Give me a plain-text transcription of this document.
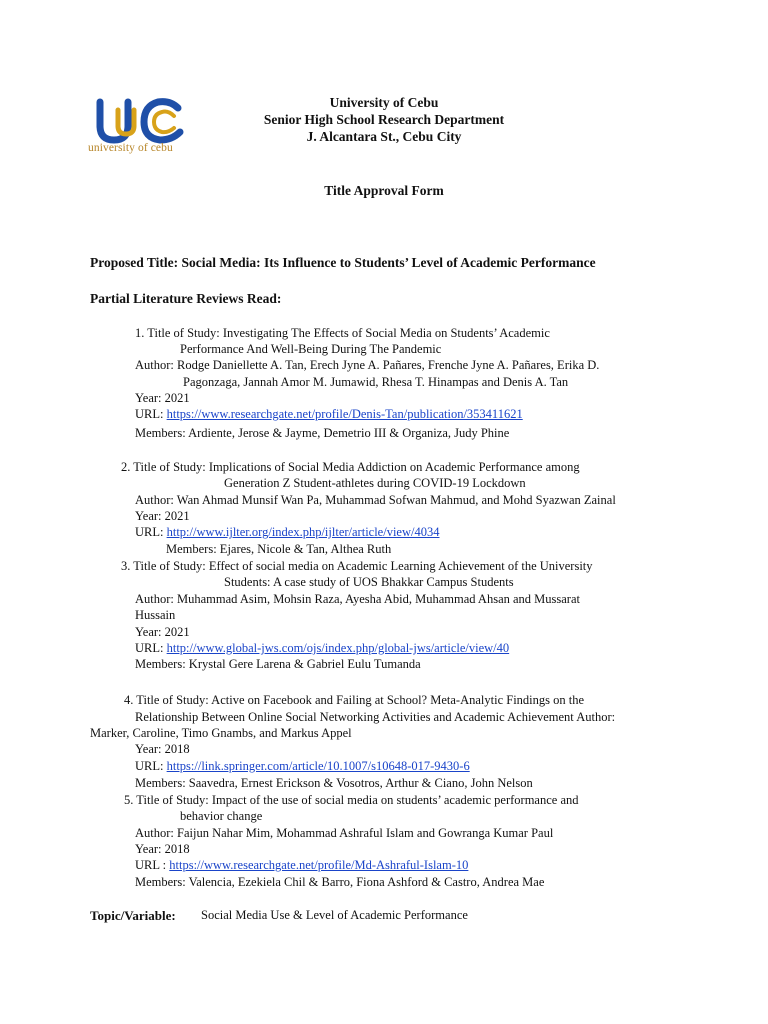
university of cebu
University of Cebu
Senior High School Research Department
J. Alcantara St., Cebu City
Title Approval Form
Proposed Title: Social Media: Its Influence to Students’ Level of Academic Performance
Partial Literature Reviews Read:
1. Title of Study: Investigating The Effects of Social Media on Students’ Academic
Performance And Well-Being During The Pandemic
Author: Rodge Daniellette A. Tan, Erech Jyne A. Pañares, Frenche Jyne A. Pañares, Erika D.
Pagonzaga, Jannah Amor M. Jumawid, Rhesa T. Hinampas and Denis A. Tan
Year: 2021
URL: https://www.researchgate.net/profile/Denis-Tan/publication/353411621
Members: Ardiente, Jerose & Jayme, Demetrio III & Organiza, Judy Phine
2. Title of Study: Implications of Social Media Addiction on Academic Performance among
Generation Z Student-athletes during COVID-19 Lockdown
Author: Wan Ahmad Munsif Wan Pa, Muhammad Sofwan Mahmud, and Mohd Syazwan Zainal
Year: 2021
URL: http://www.ijlter.org/index.php/ijlter/article/view/4034
Members: Ejares, Nicole & Tan, Althea Ruth
3. Title of Study: Effect of social media on Academic Learning Achievement of the University
Students: A case study of UOS Bhakkar Campus Students
Author: Muhammad Asim, Mohsin Raza, Ayesha Abid, Muhammad Ahsan and Mussarat
Hussain
Year: 2021
URL: http://www.global-jws.com/ojs/index.php/global-jws/article/view/40
Members: Krystal Gere Larena & Gabriel Eulu Tumanda
4. Title of Study: Active on Facebook and Failing at School? Meta-Analytic Findings on the
Relationship Between Online Social Networking Activities and Academic Achievement Author:
Marker, Caroline, Timo Gnambs, and Markus Appel
Year: 2018
URL: https://link.springer.com/article/10.1007/s10648-017-9430-6
Members: Saavedra, Ernest Erickson & Vosotros, Arthur & Ciano, John Nelson
5. Title of Study: Impact of the use of social media on students’ academic performance and
behavior change
Author: Faijun Nahar Mim, Mohammad Ashraful Islam and Gowranga Kumar Paul
Year: 2018
URL : https://www.researchgate.net/profile/Md-Ashraful-Islam-10
Members: Valencia, Ezekiela Chil & Barro, Fiona Ashford & Castro, Andrea Mae
Topic/Variable: Social Media Use & Level of Academic Performance
